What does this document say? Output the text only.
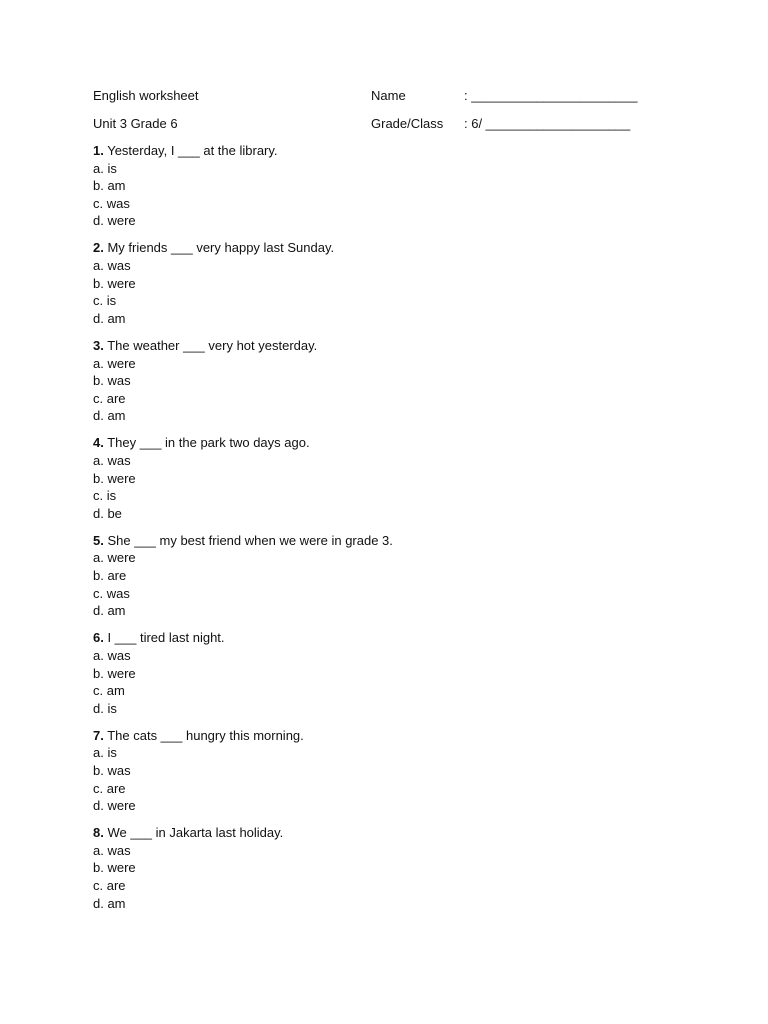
English worksheet	Name	: _______________________
Unit 3 Grade 6	Grade/Class : 6/ ____________________
1. Yesterday, I ___ at the library.
a. is
b. am
c. was
d. were
2. My friends ___ very happy last Sunday.
a. was
b. were
c. is
d. am
3. The weather ___ very hot yesterday.
a. were
b. was
c. are
d. am
4. They ___ in the park two days ago.
a. was
b. were
c. is
d. be
5. She ___ my best friend when we were in grade 3.
a. were
b. are
c. was
d. am
6. I ___ tired last night.
a. was
b. were
c. am
d. is
7. The cats ___ hungry this morning.
a. is
b. was
c. are
d. were
8. We ___ in Jakarta last holiday.
a. was
b. were
c. are
d. am
